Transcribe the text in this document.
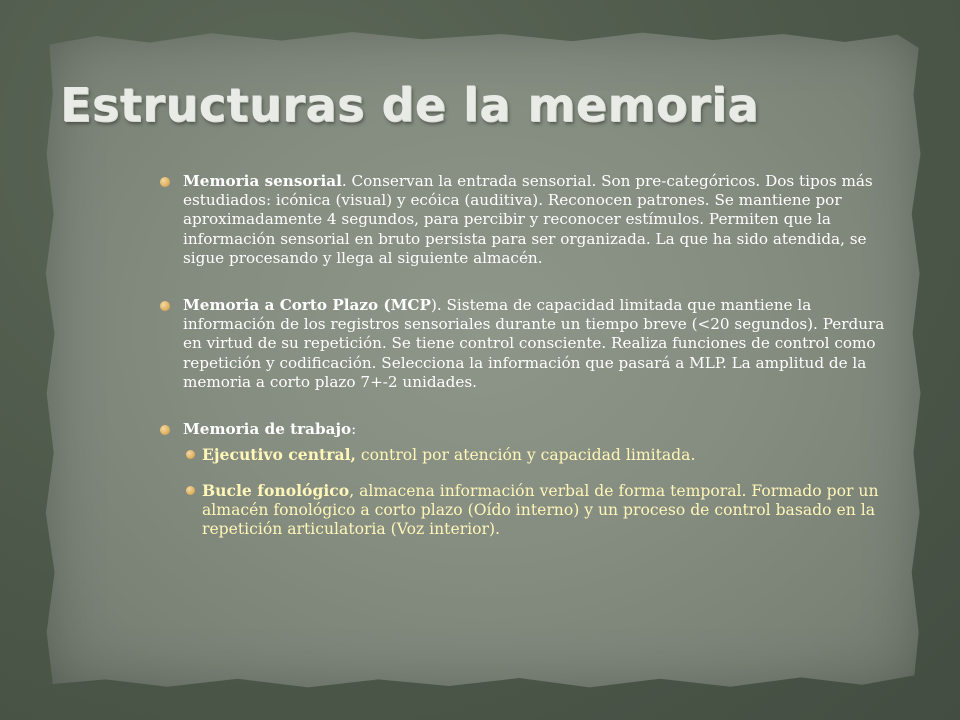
Estructuras de la memoria

Memoria sensorial. Conservan la entrada sensorial. Son pre-categóricos. Dos tipos más estudiados: icónica (visual) y ecóica (auditiva). Reconocen patrones. Se mantiene por aproximadamente 4 segundos, para percibir y reconocer estímulos. Permiten que la información sensorial en bruto persista para ser organizada. La que ha sido atendida, se sigue procesando y llega al siguiente almacén.

Memoria a Corto Plazo (MCP). Sistema de capacidad limitada que mantiene la información de los registros sensoriales durante un tiempo breve (<20 segundos). Perdura en virtud de su repetición. Se tiene control consciente. Realiza funciones de control como repetición y codificación. Selecciona la información que pasará a MLP. La amplitud de la memoria a corto plazo 7+-2 unidades.

Memoria de trabajo:

Ejecutivo central, control por atención y capacidad limitada.

Bucle fonológico, almacena información verbal de forma temporal. Formado por un almacén fonológico a corto plazo (Oído interno) y un proceso de control basado en la repetición articulatoria (Voz interior).
